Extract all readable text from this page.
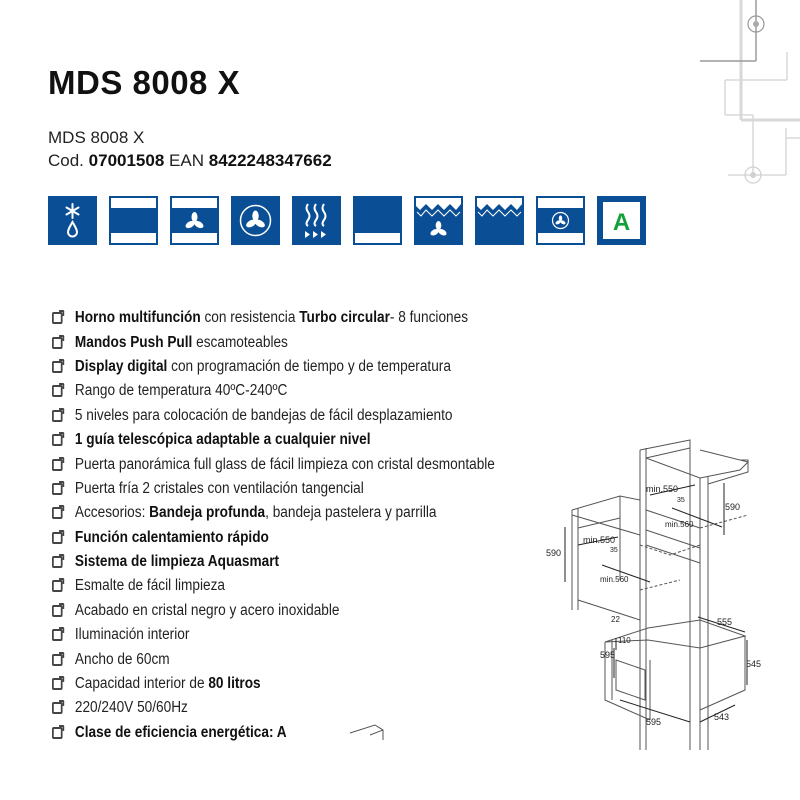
MDS 8008 X
MDS 8008 X
Cod. 07001508 EAN 8422248347662
A
Horno multifunción con resistencia Turbo circular - 8 funciones
Mandos Push Pull escamoteables
Display digital con programación de tiempo y de temperatura
Rango de temperatura 40ºC-240ºC
5 niveles para colocación de bandejas de fácil desplazamiento
1 guía telescópica adaptable a cualquier nivel
Puerta panorámica full glass de fácil limpieza con cristal desmontable
Puerta fría 2 cristales con ventilación tangencial
Accesorios: Bandeja profunda , bandeja pastelera y parrilla
Función calentamiento rápido
Sistema de limpieza Aquasmart
Esmalte de fácil limpieza
Acabado en cristal negro y acero inoxidable
Iluminación interior
Ancho de 60cm
Capacidad interior de 80 litros
220/240V 50/60Hz
Clase de eficiencia energética: A
min.550
35
min.560
590
min.550
35
min.560
590
22
110
595
595
555
545
543
